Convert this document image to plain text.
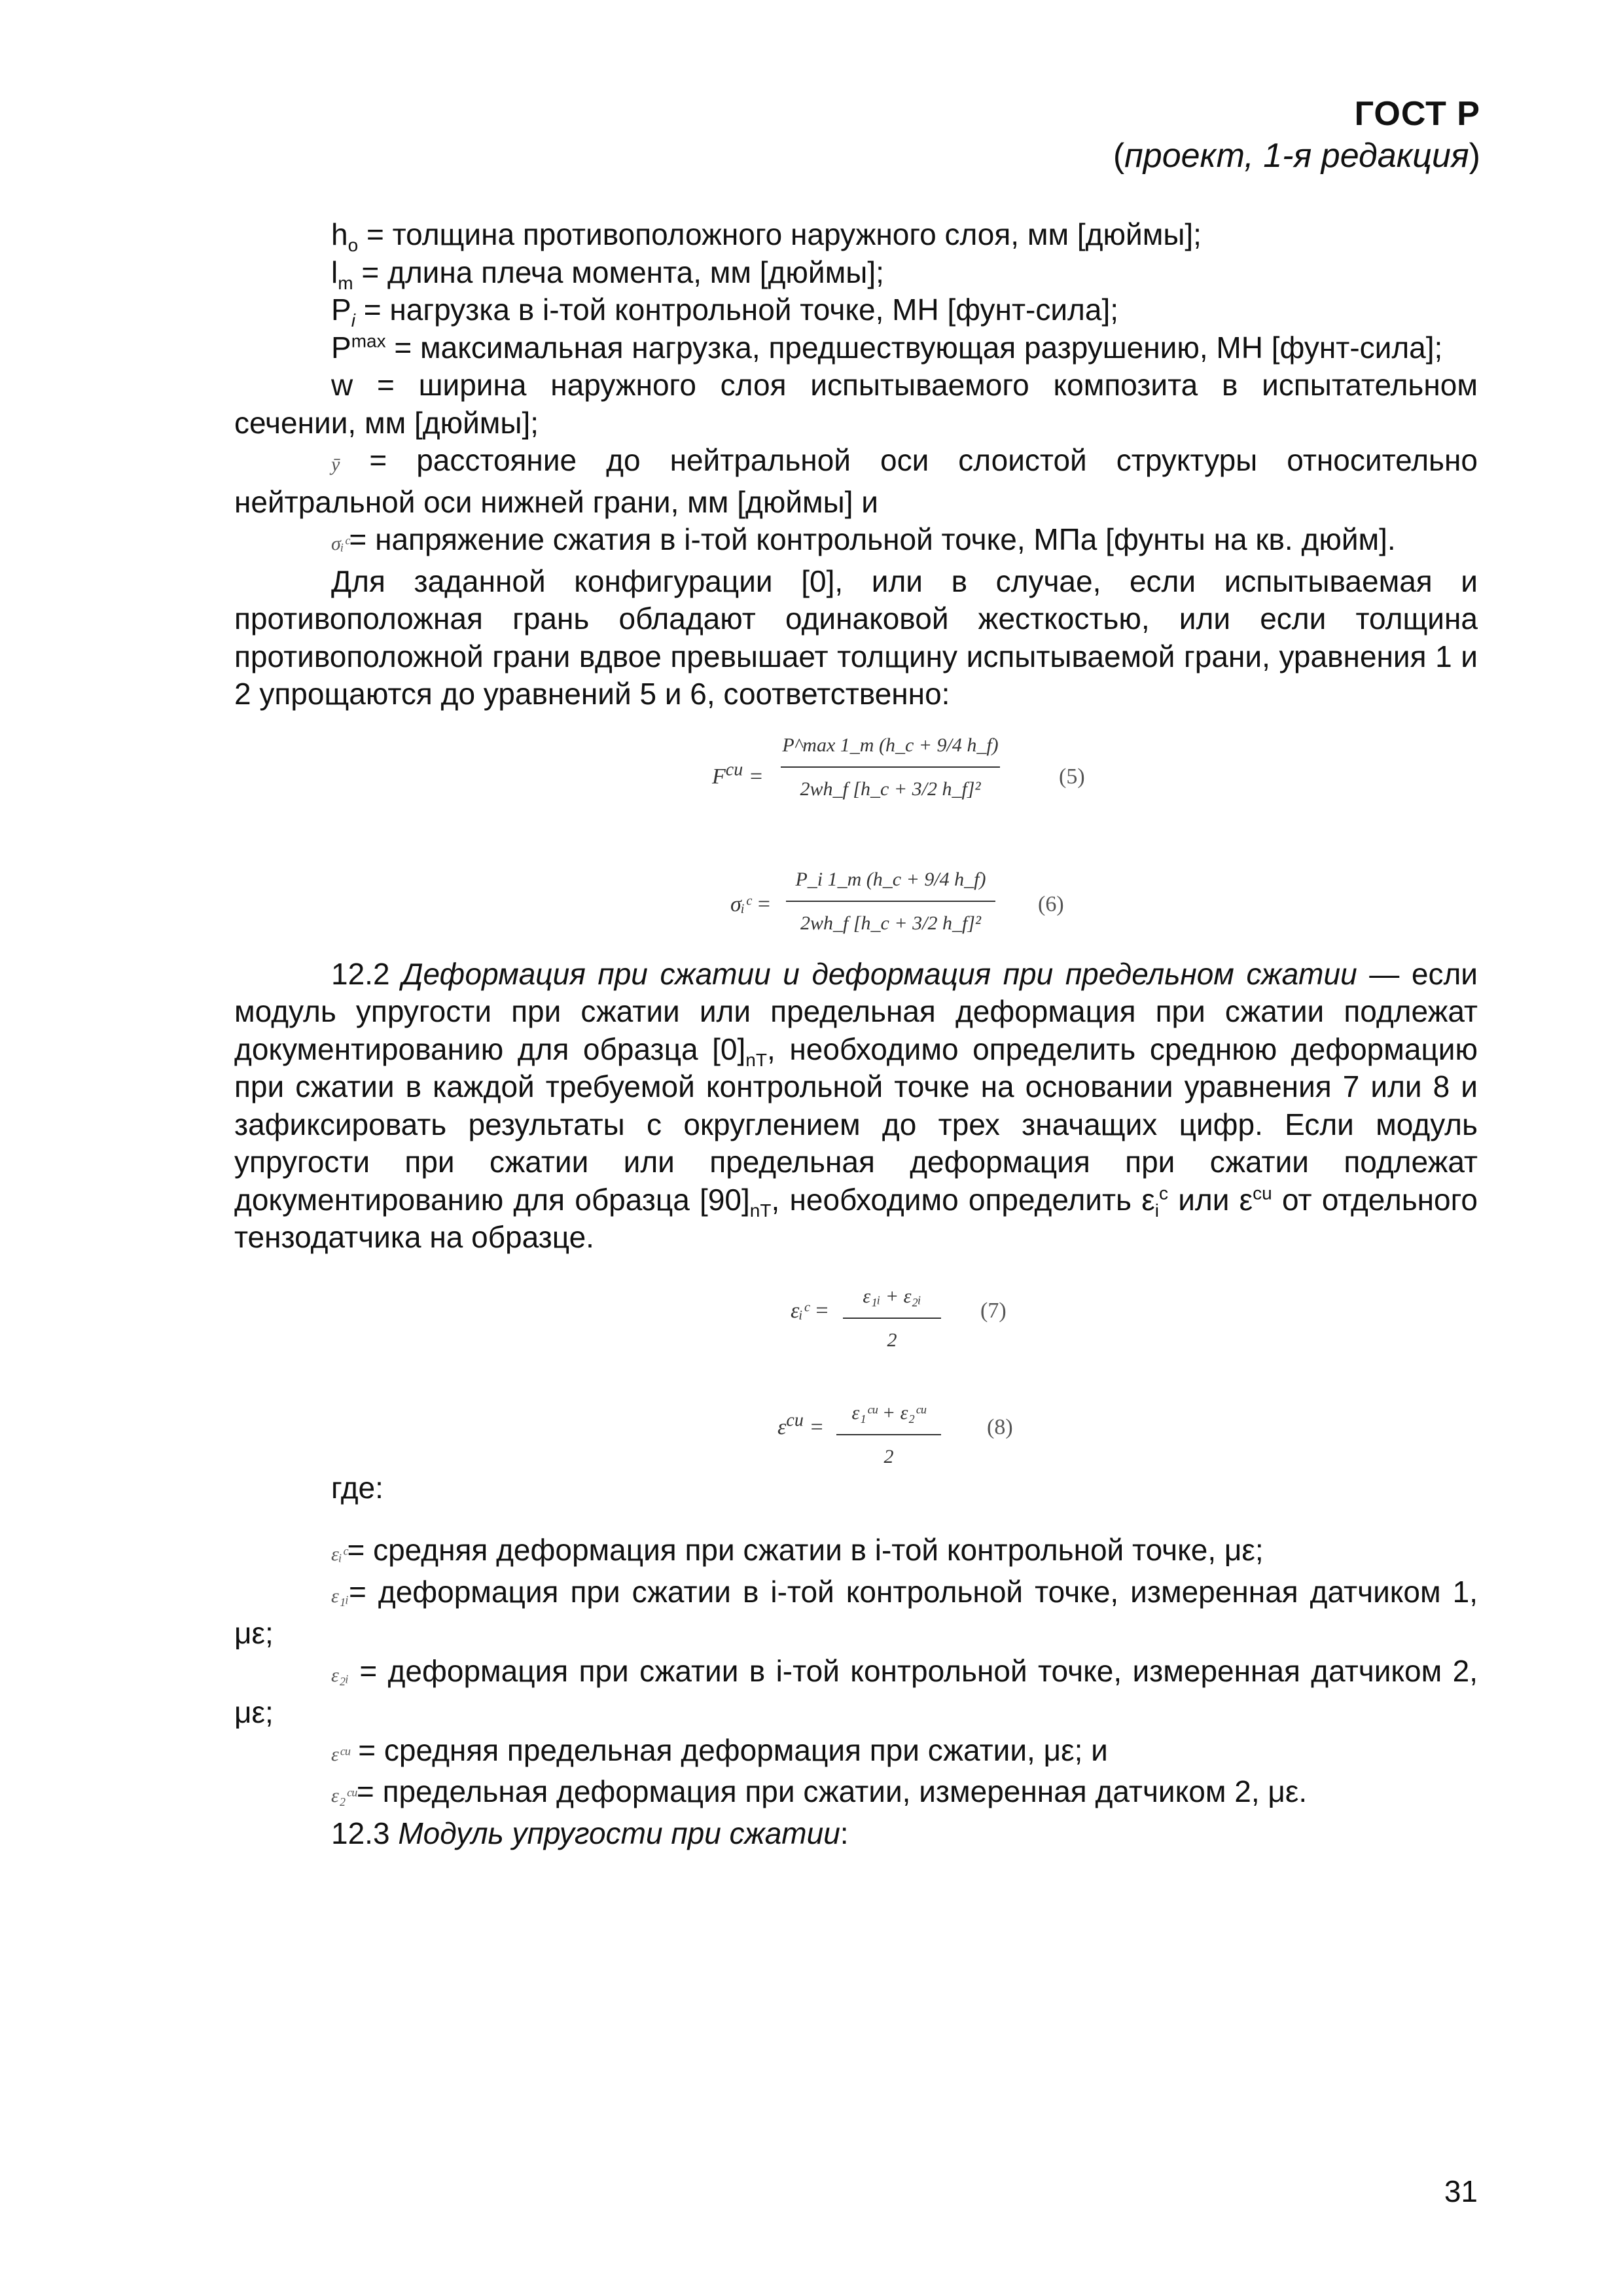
ГОСТ Р
(проект, 1-я редакция)

$h_o$ = толщина противоположного наружного слоя, мм [дюймы];

$l_m$ = длина плеча момента, мм [дюймы];

$P_i$ = нагрузка в i-той контрольной точке, МН [фунт-сила];

$P^{max}$ = максимальная нагрузка, предшествующая разрушению, МН [фунт-сила];

w = ширина наружного слоя испытываемого композита в испытательном сечении, мм [дюймы];

ȳ = расстояние до нейтральной оси слоистой структуры относительно нейтральной оси нижней грани, мм [дюймы] и

σᵢᶜ= напряжение сжатия в i-той контрольной точке, МПа [фунты на кв. дюйм].

Для заданной конфигурации [0], или в случае, если испытываемая и противоположная грань обладают одинаковой жесткостью, или если толщина противоположной грани вдвое превышает толщину испытываемой грани, уравнения 1 и 2 упрощаются до уравнений 5 и 6, соответственно:

$F^{cu}$ =
P^max 1_m (h_c + 9/4 h_f)
2wh_f [h_c + 3/2 h_f]²
(5)
σᵢᶜ =
P_i 1_m (h_c + 9/4 h_f)
2wh_f [h_c + 3/2 h_f]²
(6)

12.2 Деформация при сжатии и деформация при предельном сжатии — если модуль упругости при сжатии или предельная деформация при сжатии подлежат документированию для образца $[0]_{nT}$, необходимо определить среднюю деформацию при сжатии в каждой требуемой контрольной точке на основании уравнения 7 или 8 и зафиксировать результаты с округлением до трех значащих цифр. Если модуль упругости при сжатии или предельная деформация при сжатии подлежат документированию для образца $[90]_{nT}$, необходимо определить $\varepsilon_i^c$ или $\varepsilon^{cu}$ от отдельного тензодатчика на образце.

εᵢᶜ =
ε₁ᵢ + ε₂ᵢ
2
(7)
$\varepsilon^{cu}$ =
ε₁ᶜᵘ + ε₂ᶜᵘ
2
(8)

где:

εᵢᶜ= средняя деформация при сжатии в i-той контрольной точке, με;

ε₁ᵢ= деформация при сжатии в i-той контрольной точке, измеренная датчиком 1, με;

ε₂ᵢ = деформация при сжатии в i-той контрольной точке, измеренная датчиком 2, με;

εᶜᵘ = средняя предельная деформация при сжатии, με; и

ε₂ᶜᵘ= предельная деформация при сжатии, измеренная датчиком 2, με.

12.3 Модуль упругости при сжатии:

31
